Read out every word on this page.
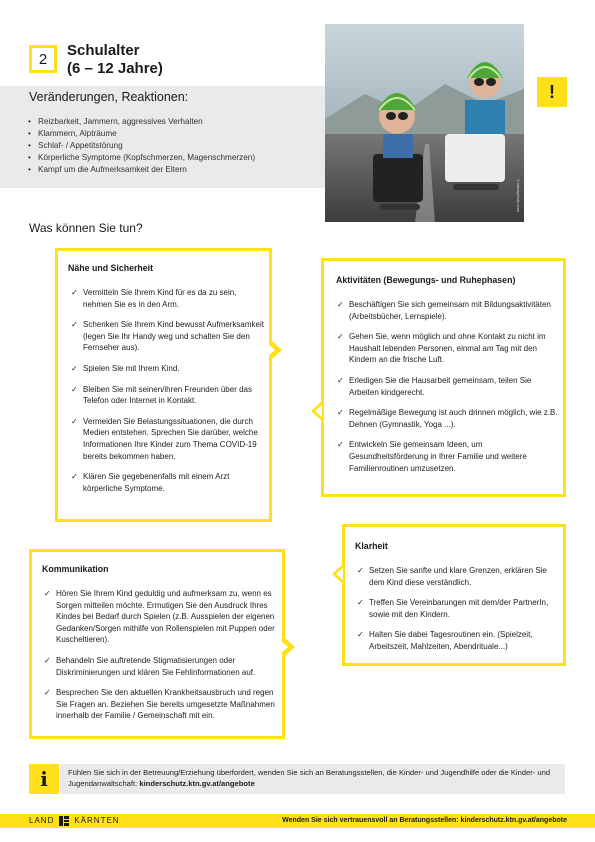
2 Schulalter
(6 – 12 Jahre)
• Reizbarkeit, Jammern, aggressives Verhalten
• Klammern, Alpträume
• Schlaf- / Appetitstörung
• Körperliche Symptome (Kopfschmerzen, Magenschmerzen)
• Kampf um die Aufmerksamkeit der Eltern
Veränderungen, Reaktionen:
©istockphoto.com
!
Was können Sie tun?
Nähe und Sicherheit
✓ Vermitteln Sie Ihrem Kind für es da zu sein, nehmen Sie es in den Arm.
✓ Schenken Sie Ihrem Kind bewusst Aufmerksamkeit (legen Sie Ihr Handy weg und schalten Sie den Fernseher aus).
✓ Spielen Sie mit Ihrem Kind.
✓ Bleiben Sie mit seinen/ihren Freunden über das Telefon oder Internet in Kontakt.
✓ Vermeiden Sie Belastungssituationen, die durch Medien entstehen. Sprechen Sie darüber, welche Informationen Ihre Kinder zum Thema COVID-19 bereits bekommen haben.
✓ Klären Sie gegebenenfalls mit einem Arzt körperliche Symptome.
Aktivitäten (Bewegungs- und Ruhephasen)
✓ Beschäftigen Sie sich gemeinsam mit Bildungsaktivitäten (Arbeitsbücher, Lernspiele).
✓ Gehen Sie, wenn möglich und ohne Kontakt zu nicht im Haushalt lebenden Personen, einmal am Tag mit den Kindern an die frische Luft.
✓ Erledigen Sie die Hausarbeit gemeinsam, teilen Sie Arbeiten kindgerecht.
✓ Regelmäßige Bewegung ist auch drinnen möglich, wie z.B. Dehnen (Gymnastik, Yoga ...).
✓ Entwickeln Sie gemeinsam Ideen, um Gesundheitsförderung in Ihrer Familie und weitere Familienroutinen umzusetzen.
Kommunikation
✓ Hören Sie Ihrem Kind geduldig und aufmerksam zu, wenn es Sorgen mitteilen möchte. Ermutigen Sie den Ausdruck Ihres Kindes bei Bedarf durch Spielen (z.B. Ausspielen der eigenen Gedanken/Sorgen mithilfe von Rollenspielen mit Puppen oder Kuscheltieren).
✓ Behandeln Sie auftretende Stigmatisierungen oder Diskriminierungen und klären Sie Fehlinformationen auf.
✓ Besprechen Sie den aktuellen Krankheitsausbruch und regen Sie Fragen an. Beziehen Sie bereits umgesetzte Maßnahmen innerhalb der Familie / Gemeinschaft mit ein.
Klarheit
✓ Setzen Sie sanfte und klare Grenzen, erklären Sie dem Kind diese verständlich.
✓ Treffen Sie Vereinbarungen mit dem/der PartnerIn, sowie mit den Kindern.
✓ Halten Sie dabei Tagesroutinen ein. (Spielzeit, Arbeitszeit, Mahlzeiten, Abendrituale...)
i	Fühlen Sie sich in der Betreuung/Erziehung überfordert, wenden Sie sich an Beratungsstellen, die Kinder- und Jugendhilfe oder die Kinder- und Jugendanwaltschaft: kinderschutz.ktn.gv.at/angebote
LAND	KÄRNTEN	Wenden Sie sich vertrauensvoll an Beratungsstellen: kinderschutz.ktn.gv.at/angebote
